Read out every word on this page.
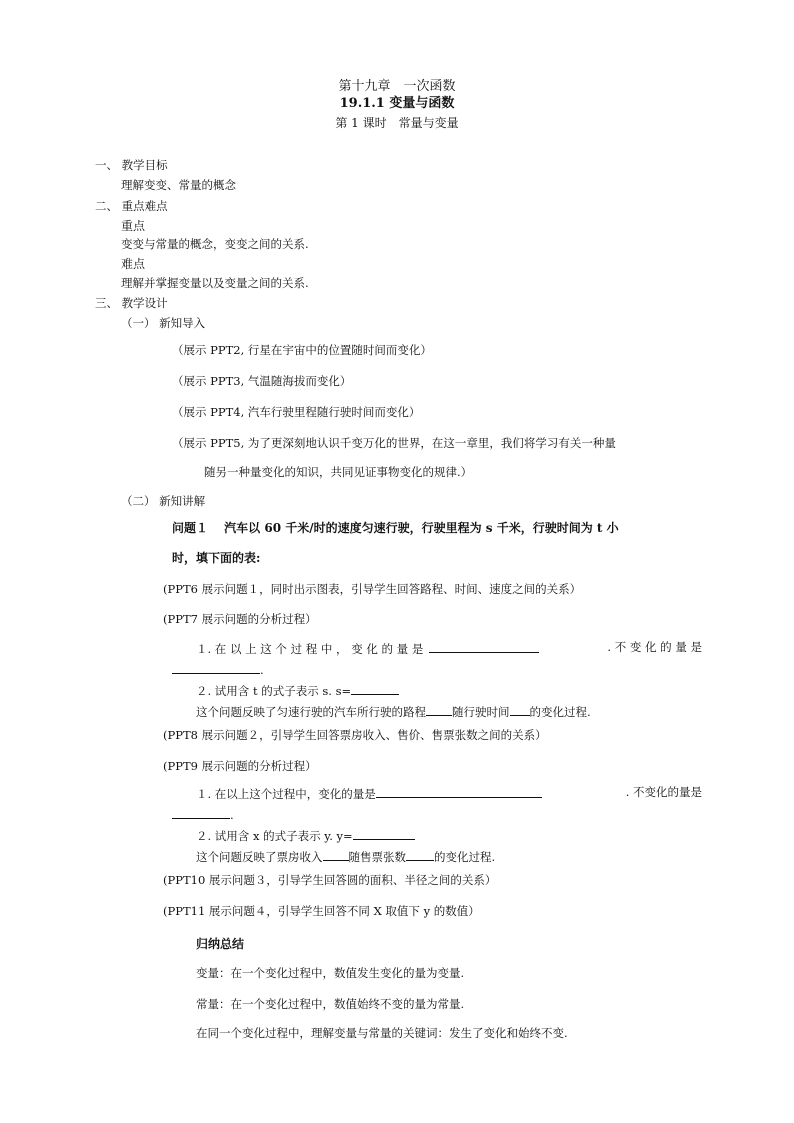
第十九章　一次函数
19.1.1 变量与函数
第 1 课时　常量与变量
一、 教学目标
理解变变、常量的概念
二、 重点难点
重点
变变与常量的概念，变变之间的关系.
难点
理解并掌握变量以及变量之间的关系.
三、 教学设计
（一） 新知导入
（展示 PPT2, 行星在宇宙中的位置随时间而变化）
（展示 PPT3, 气温随海拔而变化）
（展示 PPT4, 汽车行驶里程随行驶时间而变化）
（展示 PPT5, 为了更深刻地认识千变万化的世界，在这一章里，我们将学习有关一种量
随另一种量变化的知识，共同见证事物变化的规律.）
（二） 新知讲解
问题１　 汽车以 60 千米/时的速度匀速行驶，行驶里程为 s 千米，行驶时间为 t 小
时，填下面的表:
(PPT6 展示问题１，同时出示图表，引导学生回答路程、时间、速度之间的关系）
(PPT7 展示问题的分析过程）
１. 在 以 上 这 个 过 程 中 ， 变 化 的 量 是	. 不 变 化 的 量 是
.
２. 试用含 t 的式子表示 s. s=
这个问题反映了匀速行驶的汽车所行驶的路程 随行驶时间 的变化过程.
(PPT8 展示问题２，引导学生回答票房收入、售价、售票张数之间的关系）
(PPT9 展示问题的分析过程）
１. 在以上这个过程中，变化的量是	. 不变化的量是
.
２. 试用含 x 的式子表示 y. y=
这个问题反映了票房收入 随售票张数 的变化过程.
(PPT10 展示问题３，引导学生回答圆的面积、半径之间的关系）
(PPT11 展示问题４，引导学生回答不同 X 取值下 y 的数值）
归纳总结
变量：在一个变化过程中，数值发生变化的量为变量.
常量：在一个变化过程中，数值始终不变的量为常量.
在同一个变化过程中，理解变量与常量的关键词：发生了变化和始终不变.
